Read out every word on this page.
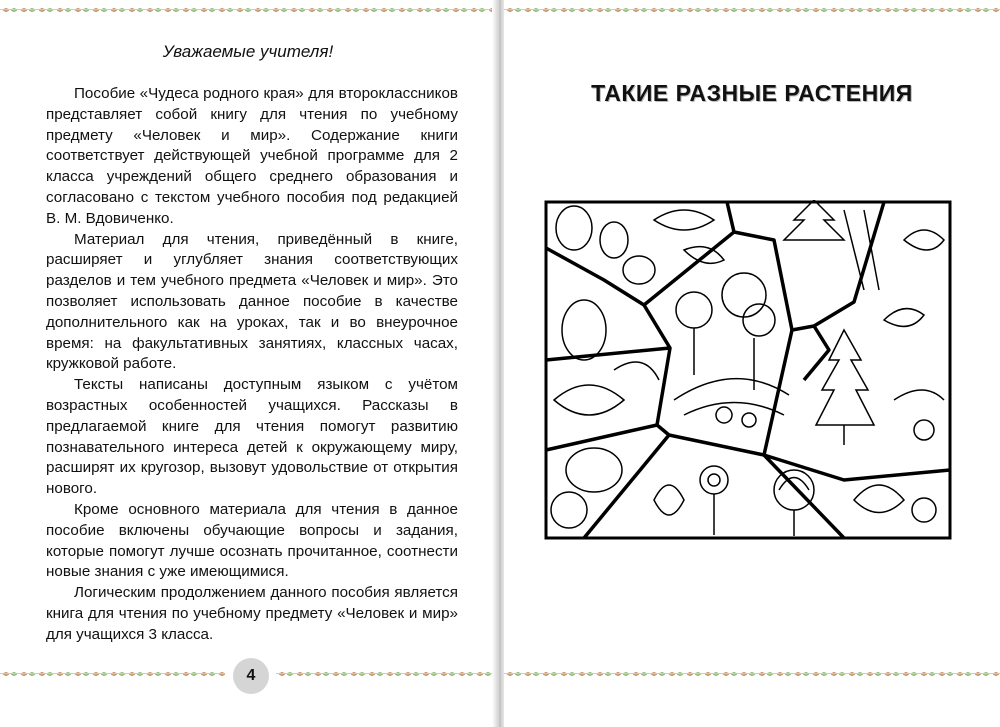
Уважаемые учителя!

Пособие «Чудеса родного края» для второклассников представляет собой книгу для чтения по учебному предмету «Человек и мир». Содержание книги соответствует действующей учебной программе для 2 класса учреждений общего среднего образования и согласовано с текстом учебного пособия под редакцией В. М. Вдовиченко.

Материал для чтения, приведённый в книге, расширяет и углубляет знания соответствующих разделов и тем учебного предмета «Человек и мир». Это позволяет использовать данное пособие в качестве дополнительного как на уроках, так и во внеурочное время: на факультативных занятиях, классных часах, кружковой работе.

Тексты написаны доступным языком с учётом возрастных особенностей учащихся. Рассказы в предлагаемой книге для чтения помогут развитию познавательного интереса детей к окружающему миру, расширят их кругозор, вызовут удовольствие от открытия нового.

Кроме основного материала для чтения в данное пособие включены обучающие вопросы и задания, которые помогут лучше осознать прочитанное, соотнести новые знания с уже имеющимися.

Логическим продолжением данного пособия является книга для чтения по учебному предмету «Человек и мир» для учащихся 3 класса.

4
ТАКИЕ РАЗНЫЕ РАСТЕНИЯ
